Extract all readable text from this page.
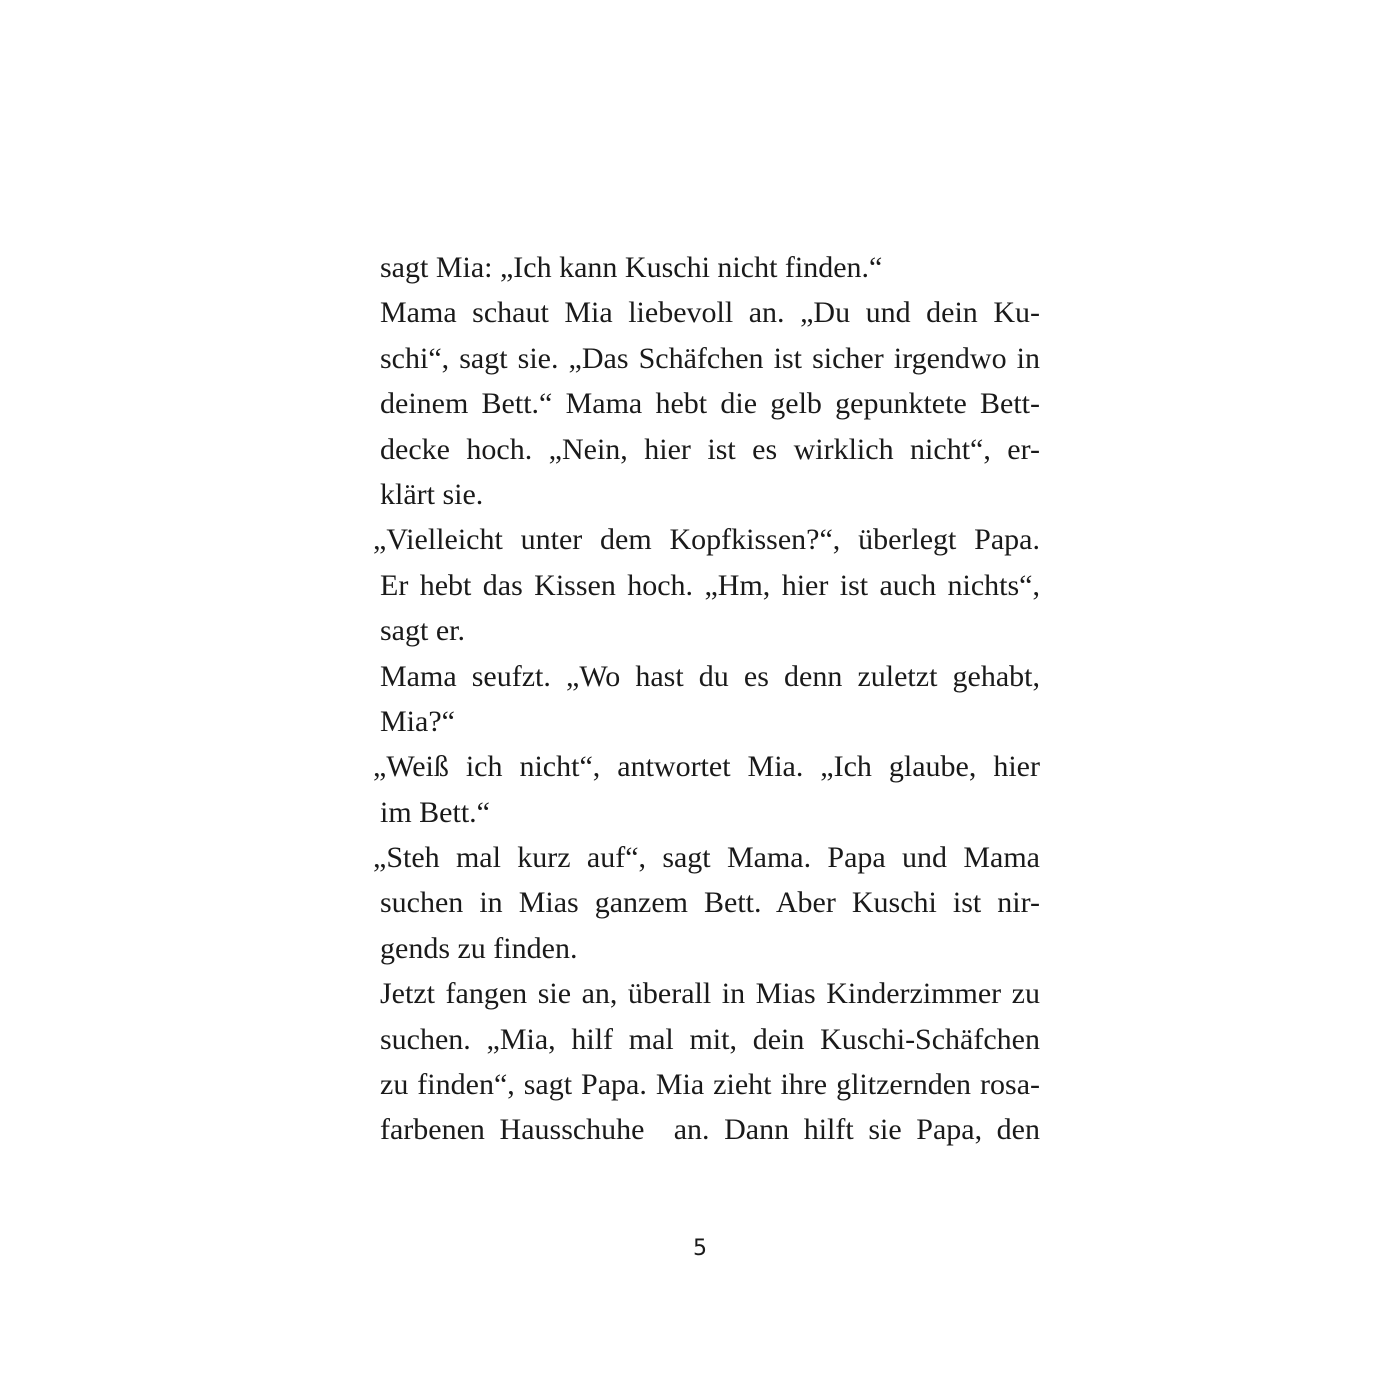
sagt Mia: „Ich kann Kuschi nicht finden.“
Mama schaut Mia liebevoll an. „Du und dein Ku-
schi“, sagt sie. „Das Schäfchen ist sicher irgendwo in
deinem Bett.“ Mama hebt die gelb gepunktete Bett-
decke hoch. „Nein, hier ist es wirklich nicht“, er-
klärt sie.
„Vielleicht unter dem Kopfkissen?“, überlegt Papa.
Er hebt das Kissen hoch. „Hm, hier ist auch nichts“,
sagt er.
Mama seufzt. „Wo hast du es denn zuletzt gehabt,
Mia?“
„Weiß ich nicht“, antwortet Mia. „Ich glaube, hier
im Bett.“
„Steh mal kurz auf“, sagt Mama. Papa und Mama
suchen in Mias ganzem Bett. Aber Kuschi ist nir-
gends zu finden.
Jetzt fangen sie an, überall in Mias Kinderzimmer zu
suchen. „Mia, hilf mal mit, dein Kuschi-Schäfchen
zu finden“, sagt Papa. Mia zieht ihre glitzernden rosa-
farbenen Hausschuhe  an. Dann hilft sie Papa, den
5
